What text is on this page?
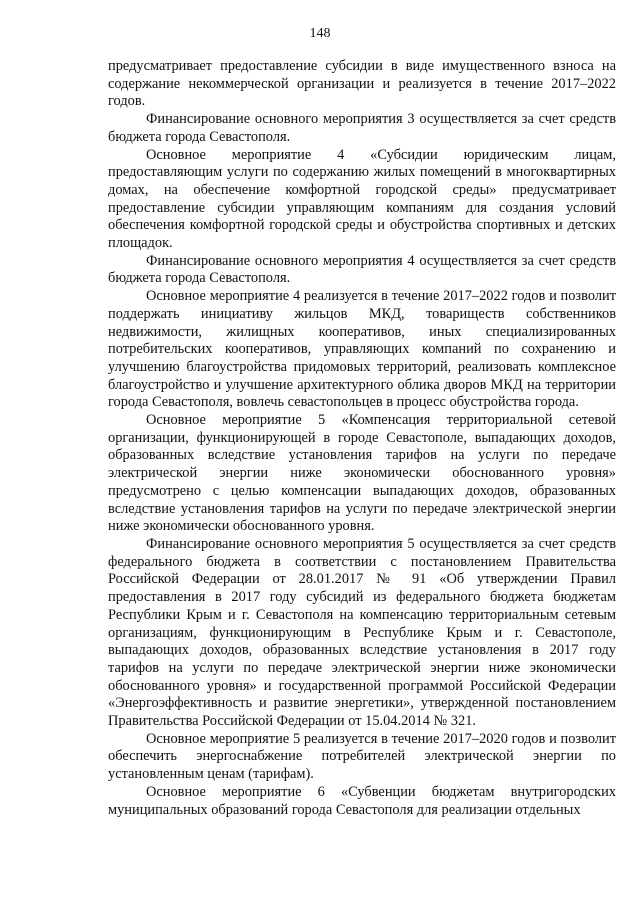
148

предусматривает предоставление субсидии в виде имущественного взноса на содержание некоммерческой организации и реализуется в течение 2017–2022 годов.

Финансирование основного мероприятия 3 осуществляется за счет средств бюджета города Севастополя.

Основное мероприятие 4 «Субсидии юридическим лицам, предоставляющим услуги по содержанию жилых помещений в многоквартирных домах, на обеспечение комфортной городской среды» предусматривает предоставление субсидии управляющим компаниям для создания условий обеспечения комфортной городской среды и обустройства спортивных и детских площадок.

Финансирование основного мероприятия 4 осуществляется за счет средств бюджета города Севастополя.

Основное мероприятие 4 реализуется в течение 2017–2022 годов и позволит поддержать инициативу жильцов МКД, товариществ собственников недвижимости, жилищных кооперативов, иных специализированных потребительских кооперативов, управляющих компаний по сохранению и улучшению благоустройства придомовых территорий, реализовать комплексное благоустройство и улучшение архитектурного облика дворов МКД на территории города Севастополя, вовлечь севастопольцев в процесс обустройства города.

Основное мероприятие 5 «Компенсация территориальной сетевой организации, функционирующей в городе Севастополе, выпадающих доходов, образованных вследствие установления тарифов на услуги по передаче электрической энергии ниже экономически обоснованного уровня» предусмотрено с целью компенсации выпадающих доходов, образованных вследствие установления тарифов на услуги по передаче электрической энергии ниже экономически обоснованного уровня.

Финансирование основного мероприятия 5 осуществляется за счет средств федерального бюджета в соответствии с постановлением Правительства Российской Федерации от 28.01.2017 № 91 «Об утверждении Правил предоставления в 2017 году субсидий из федерального бюджета бюджетам Республики Крым и г. Севастополя на компенсацию территориальным сетевым организациям, функционирующим в Республике Крым и г. Севастополе, выпадающих доходов, образованных вследствие установления в 2017 году тарифов на услуги по передаче электрической энергии ниже экономически обоснованного уровня» и государственной программой Российской Федерации «Энергоэффективность и развитие энергетики», утвержденной постановлением Правительства Российской Федерации от 15.04.2014 № 321.

Основное мероприятие 5 реализуется в течение 2017–2020 годов и позволит обеспечить энергоснабжение потребителей электрической энергии по установленным ценам (тарифам).

Основное мероприятие 6 «Субвенции бюджетам внутригородских муниципальных образований города Севастополя для реализации отдельных
